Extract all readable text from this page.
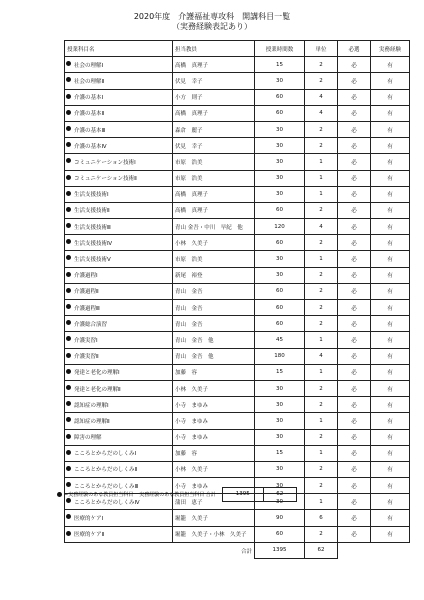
2020年度　介護福祉専攻科　開講科目一覧
（実務経験表記あり）
授業科目名	担当教員	授業時間数	単位	必選	実務経験

社会の理解Ⅰ	高橋　真理子	15	2	必	有

社会の理解Ⅱ	伏見　幸子	30	2	必	有

介護の基本Ⅰ	小方　則子	60	4	必	有

介護の基本Ⅱ	高橋　真理子	60	4	必	有

介護の基本Ⅲ	森倉　麗子	30	2	必	有

介護の基本Ⅳ	伏見　幸子	30	2	必	有

コミュニケーション技術Ⅰ	市原　浩美	30	1	必	有

コミュニケーション技術Ⅱ	市原　浩美	30	1	必	有

生活支援技術Ⅰ	高橋　真理子	30	1	必	有

生活支援技術Ⅱ	高橋　真理子	60	2	必	有

生活支援技術Ⅲ	青山 金吾・中川　早紀　他	120	4	必	有

生活支援技術Ⅳ	小林　久美子	60	2	必	有

生活支援技術Ⅴ	市原　浩美	30	1	必	有

介護過程Ⅰ	新尾　裕登	30	2	必	有

介護過程Ⅱ	青山　金吾	60	2	必	有

介護過程Ⅲ	青山　金吾	60	2	必	有

介護総合演習	青山　金吾	60	2	必	有

介護実習Ⅰ	青山　金吾　他	45	1	必	有

介護実習Ⅱ	青山　金吾　他	180	4	必	有

発達と老化の理解Ⅰ	加藤　容	15	1	必	有

発達と老化の理解Ⅱ	小林　久美子	30	2	必	有

認知症の理解Ⅰ	小寺　まゆみ	30	2	必	有

認知症の理解Ⅱ	小寺　まゆみ	30	1	必	有

障害の理解	小寺　まゆみ	30	2	必	有

こころとからだのしくみⅠ	加藤　容	15	1	必	有

こころとからだのしくみⅡ	小林　久美子	30	2	必	有

こころとからだのしくみⅢ	小寺　まゆみ	30	2	必	有

こころとからだのしくみⅣ	蒲田　恵子	30	1	必	有

医療的ケアⅠ	堀籠　久美子	90	6	必	有

医療的ケアⅡ	堀籠　久美子・小林　久美子	60	2	必	有
	合計	1395	62		
=実務経験のある教員担当科目 実務経験のある教員担当科目 合計	1395	62
